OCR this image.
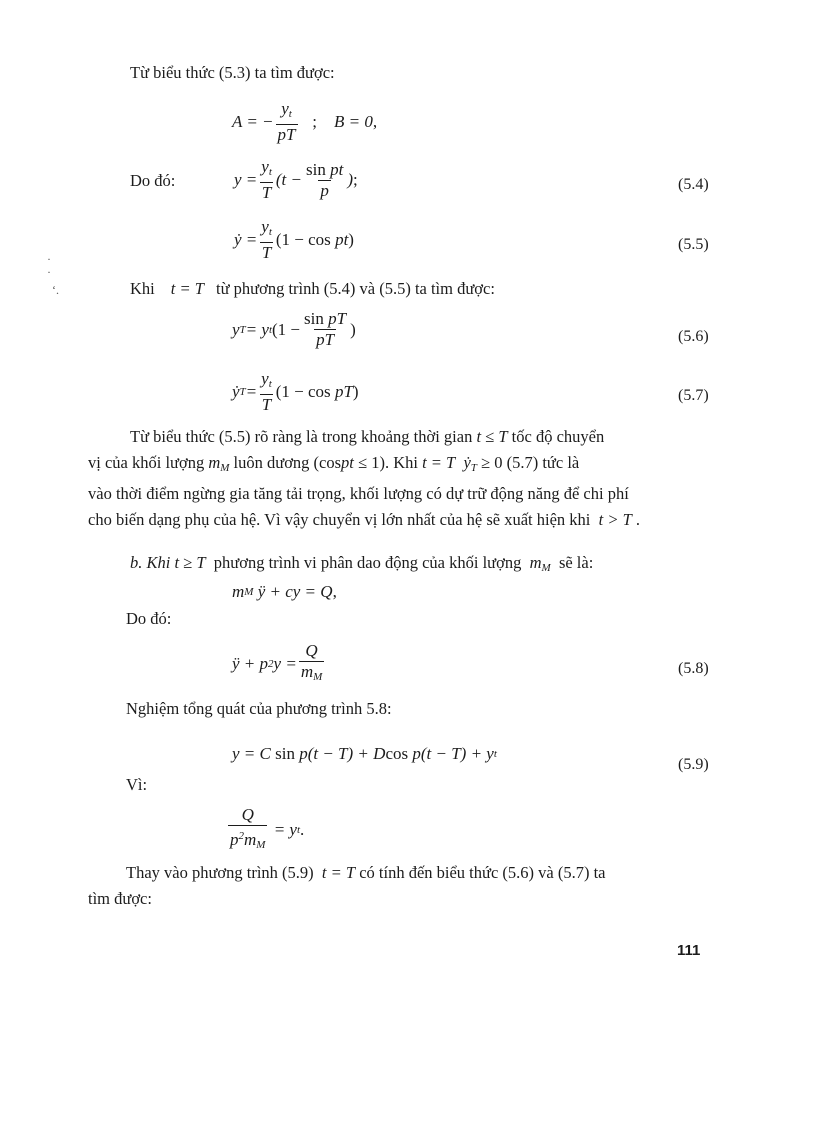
Từ biểu thức (5.3) ta tìm được:
A = − $\frac{y_t}{pT}$ ; B = 0 ,
Do đó:	$y = \frac{y_t}{T} (t - \frac{\text{sin pt}}{p}$ ) ;	(5.4)
ẏ = $\frac{y_t}{T} (1 - \cos$ pt )	(5.5)
·
·
‘.	Khi t = T từ phương trình (5.4) và (5.5) ta tìm được:
y T = y t ($1 - \frac{\text{sin pT}}{pT}$ )	(5.6)
ẏ $T = \frac{y_t}{T} (1 - \cos$ pT )	(5.7)
Từ biểu thức (5.5) rõ ràng là trong khoảng thời gian t ≤ T tốc độ chuyển
vị của khối lượng $m_M$ luôn dương (cospt ≤ 1). Khi t = T  ẏ$_T$ ≥ 0 (5.7) tức là
vào thời điểm ngừng gia tăng tải trọng, khối lượng có dự trữ động năng để chi phí
cho biến dạng phụ của hệ. Vì vậy chuyển vị lớn nhất của hệ sẽ xuất hiện khi t > T .
b. Khi t ≥ T phương trình vi phân dao động của khối lượng $m_M$ sẽ là:
m M ÿ + cy = Q ,
Do đó:
ÿ + p 2 $y = \frac{Q}{m_M}$	(5.8)
Nghiệm tổng quát của phương trình 5.8:
y = C sin p(t − T) + D cos p(t − T) + y t
(5.9)
Vì:
$\frac{Q}{p^2m_M} = y$ t .
Thay vào phương trình (5.9) t = T có tính đến biểu thức (5.6) và (5.7) ta
tìm được:
111
